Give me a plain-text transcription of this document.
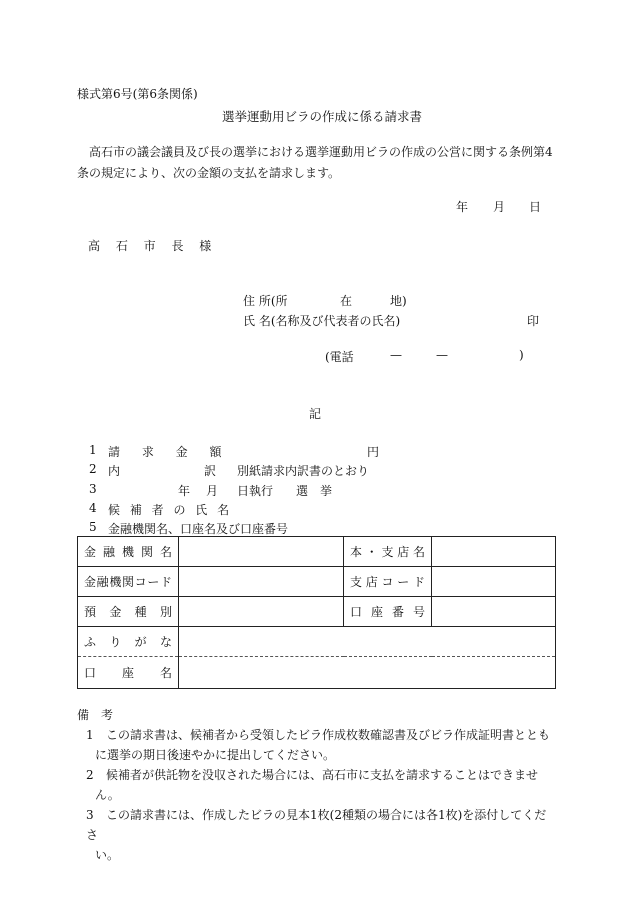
様式第6号(第6条関係)
選挙運動用ビラの作成に係る請求書
高石市の議会議員及び長の選挙における選挙運動用ビラの作成の公営に関する条例第4
条の規定により、次の金額の支払を請求します。
年 月 日
高 石 市 長 様
住 所(所	在	地)
氏 名(名称及び代表者の氏名)	印
(電話	—	—	)
記
1 請 求 金 額	円
2 内	訳 別紙請求内訳書のとおり
3	年 月 日執行 選　挙
4 候 補 者 の 氏 名
5 金融機関名、口座名及び口座番号
金融機関名		本・支店名	
金融機関コード		支店コード	
預金種別		口座番号	
ふりがな			
口座名			
備　考
1 この請求書は、候補者から受領したビラ作成枚数確認書及びビラ作成証明書ととも
に選挙の期日後速やかに提出してください。
2 候補者が供託物を没収された場合には、高石市に支払を請求することはできませ
ん。
3 この請求書には、作成したビラの見本1枚(2種類の場合には各1枚)を添付してくださ
い。
